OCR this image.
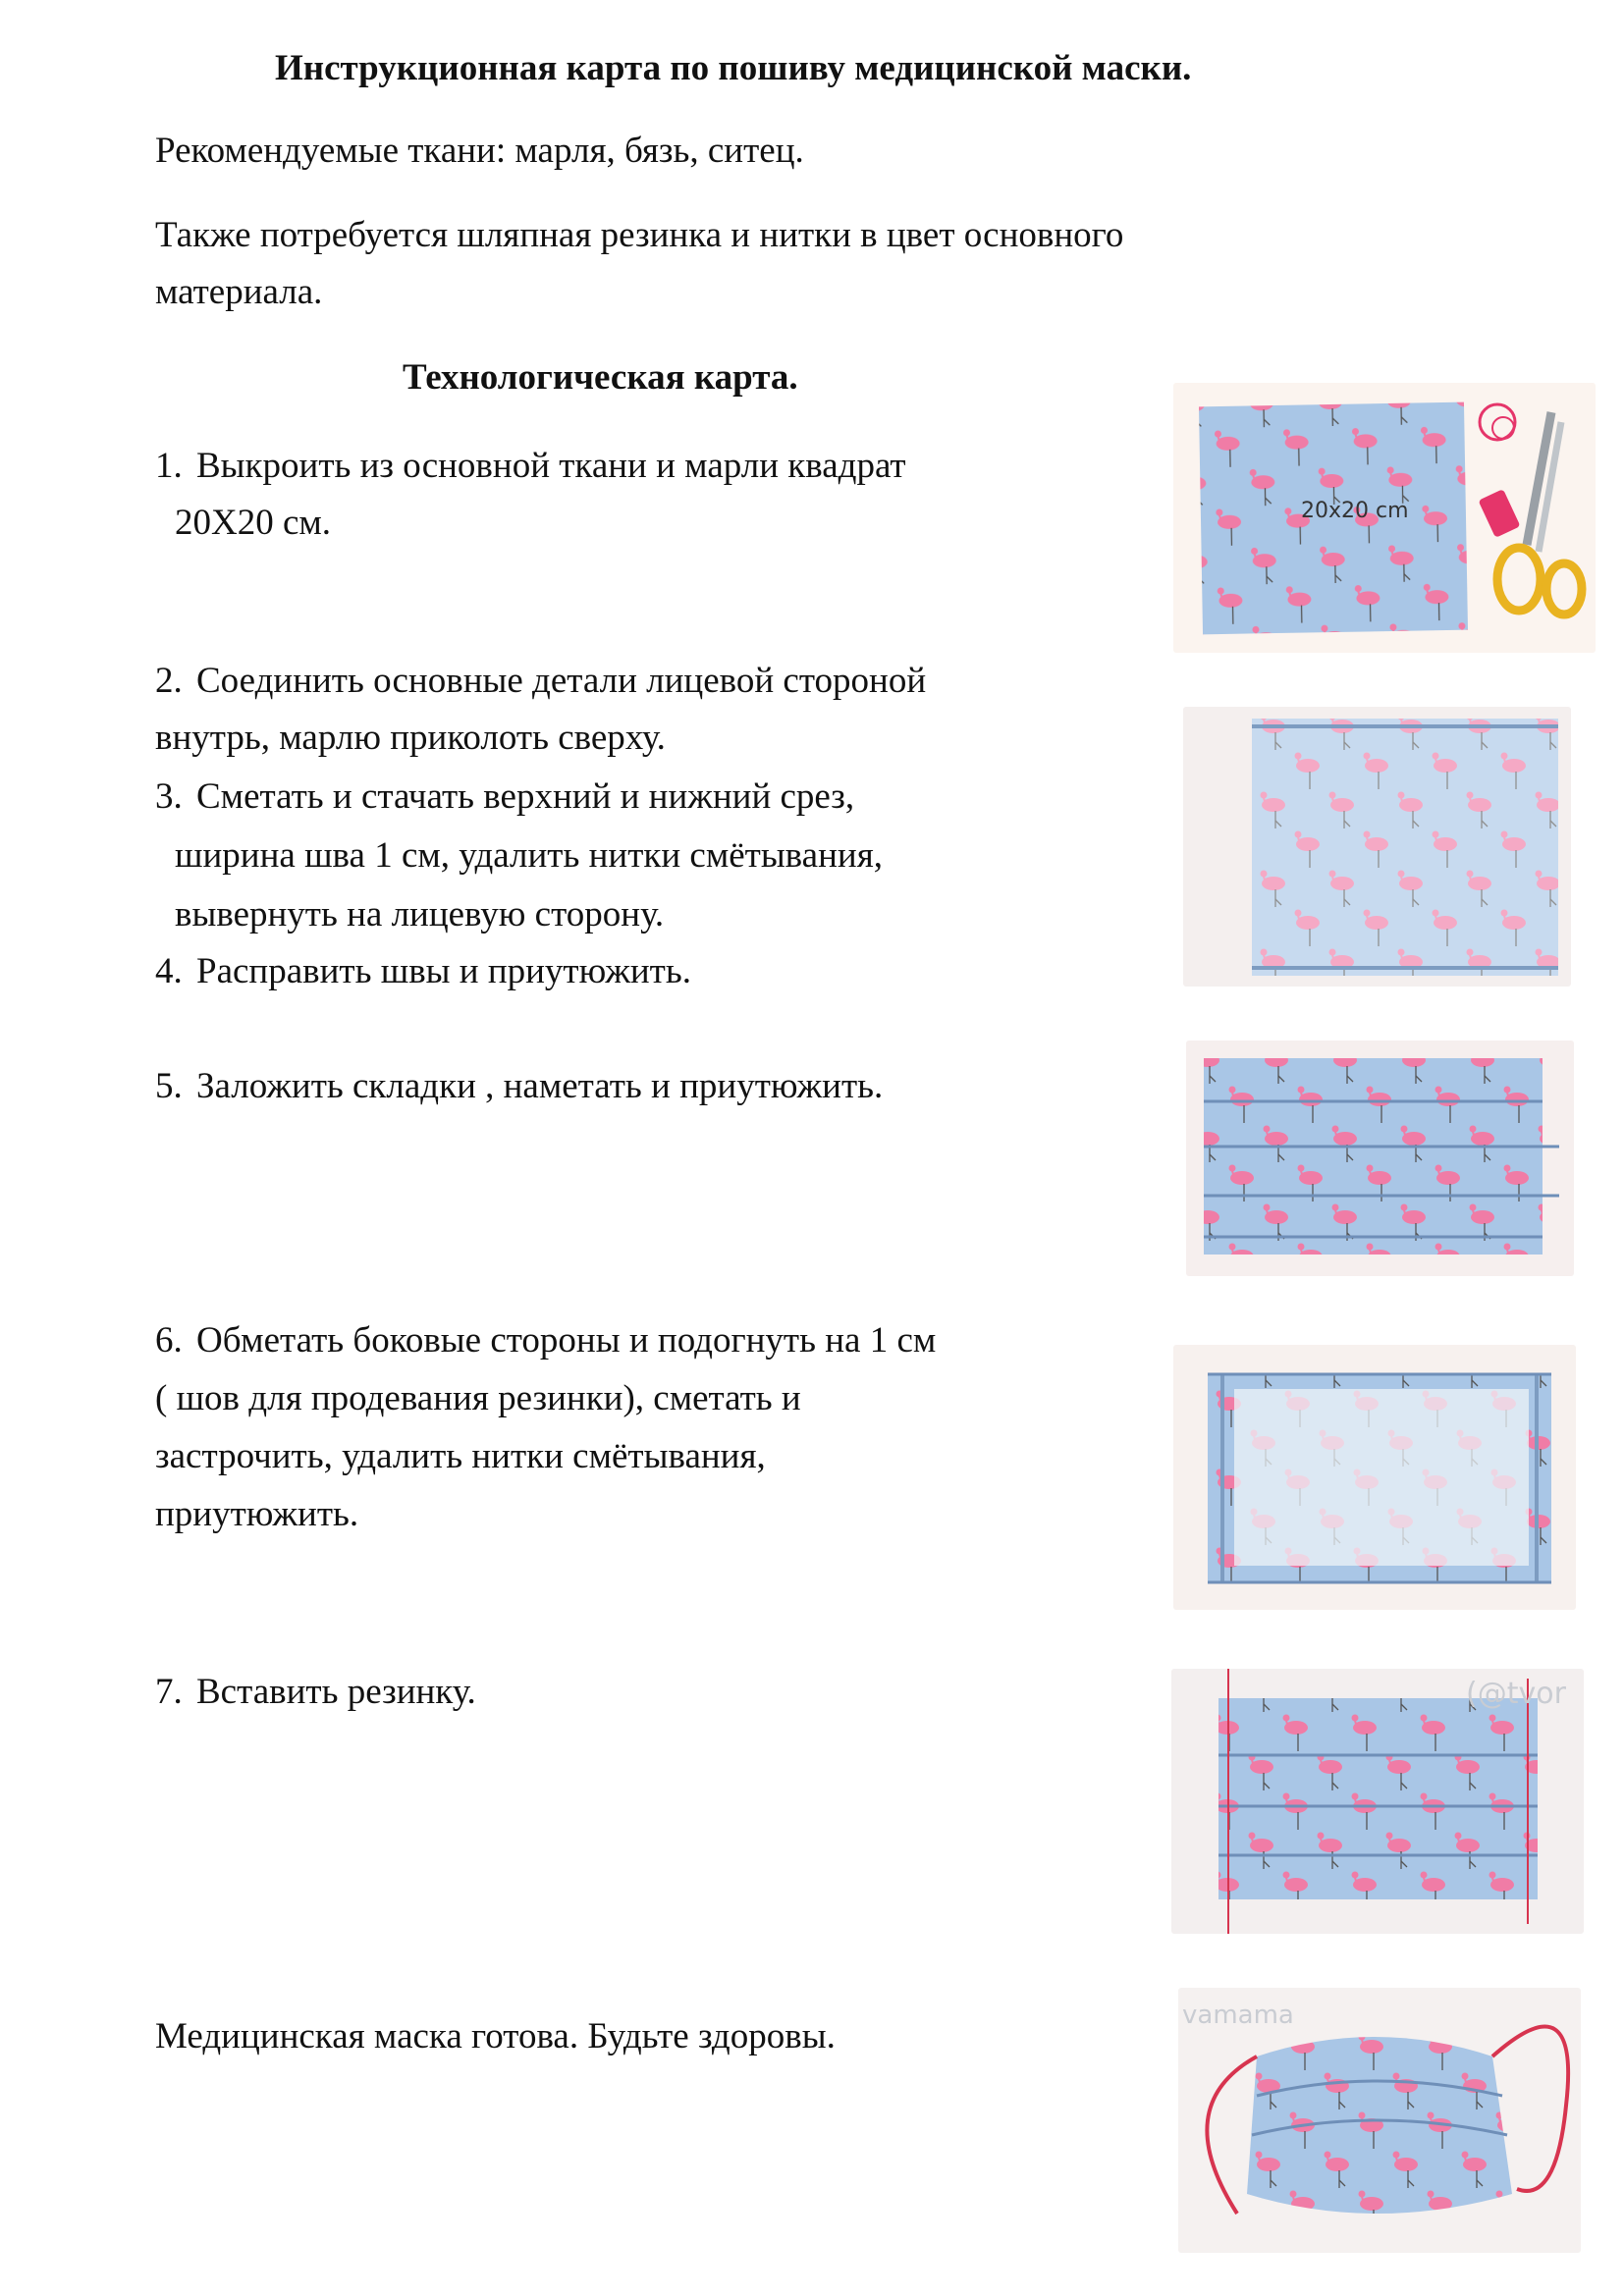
Инструкционная карта по пошиву медицинской маски.
Рекомендуемые ткани: марля, бязь, ситец.
Также потребуется шляпная резинка и нитки в цвет основного
материала.
Технологическая карта.
1. Выкроить из основной ткани и марли квадрат
20Х20 см.
2. Соединить основные детали лицевой стороной
внутрь, марлю приколоть сверху.
3. Сметать и стачать верхний и нижний срез,
ширина шва 1 см, удалить нитки смётывания,
вывернуть на лицевую сторону.
4. Расправить швы и приутюжить.
5. Заложить складки , наметать и приутюжить.
6. Обметать боковые стороны и подогнуть на 1 см
( шов для продевания резинки), сметать и
застрочить, удалить нитки смётывания,
приутюжить.
7. Вставить резинку.
Медицинская маска готова. Будьте здоровы.
20x20 cm
(@tvor
vamama
